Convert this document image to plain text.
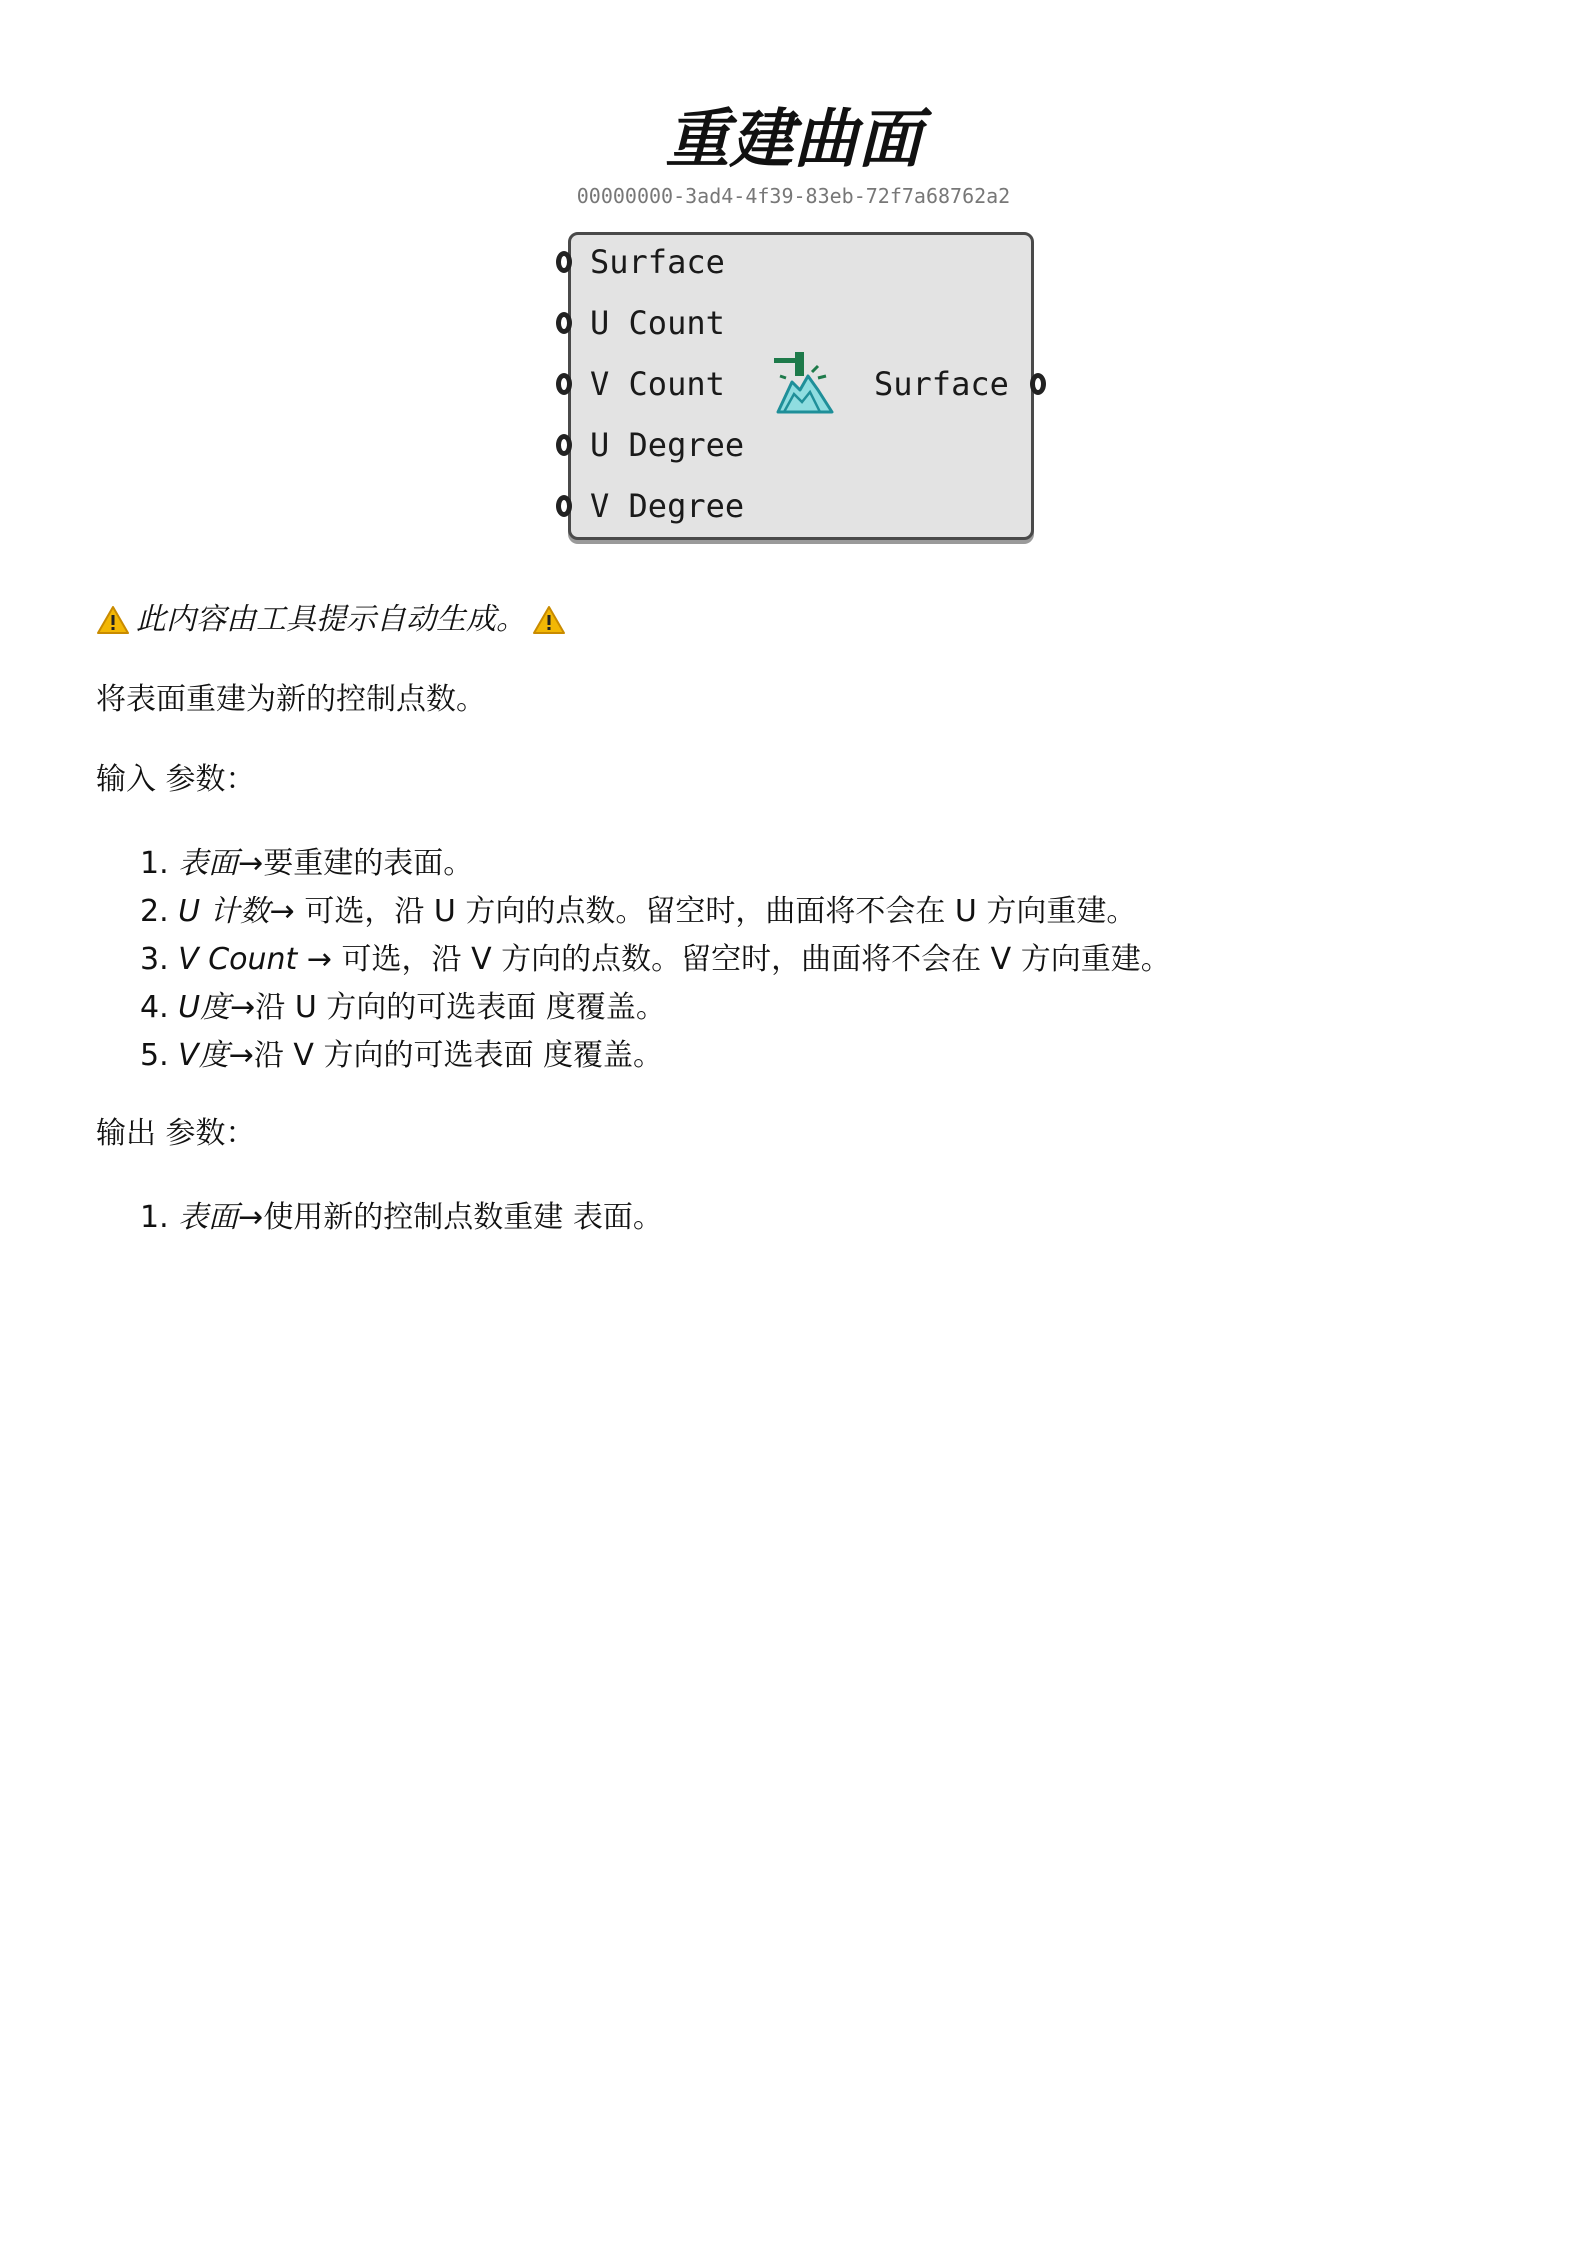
重建曲面
00000000-3ad4-4f39-83eb-72f7a68762a2
Surface
U Count
V Count
U Degree
V Degree
Surface
此内容由工具提示自动生成。

将表面重建为新的控制点数。

输入 参数：

1. 表面→要重建的表面。
2. U 计数→ 可选，沿 U 方向的点数。留空时，曲面将不会在 U 方向重建。
3. V Count → 可选，沿 V 方向的点数。留空时，曲面将不会在 V 方向重建。
4. U度→沿 U 方向的可选表面 度覆盖。
5. V度→沿 V 方向的可选表面 度覆盖。

输出 参数：

1. 表面→使用新的控制点数重建 表面。
